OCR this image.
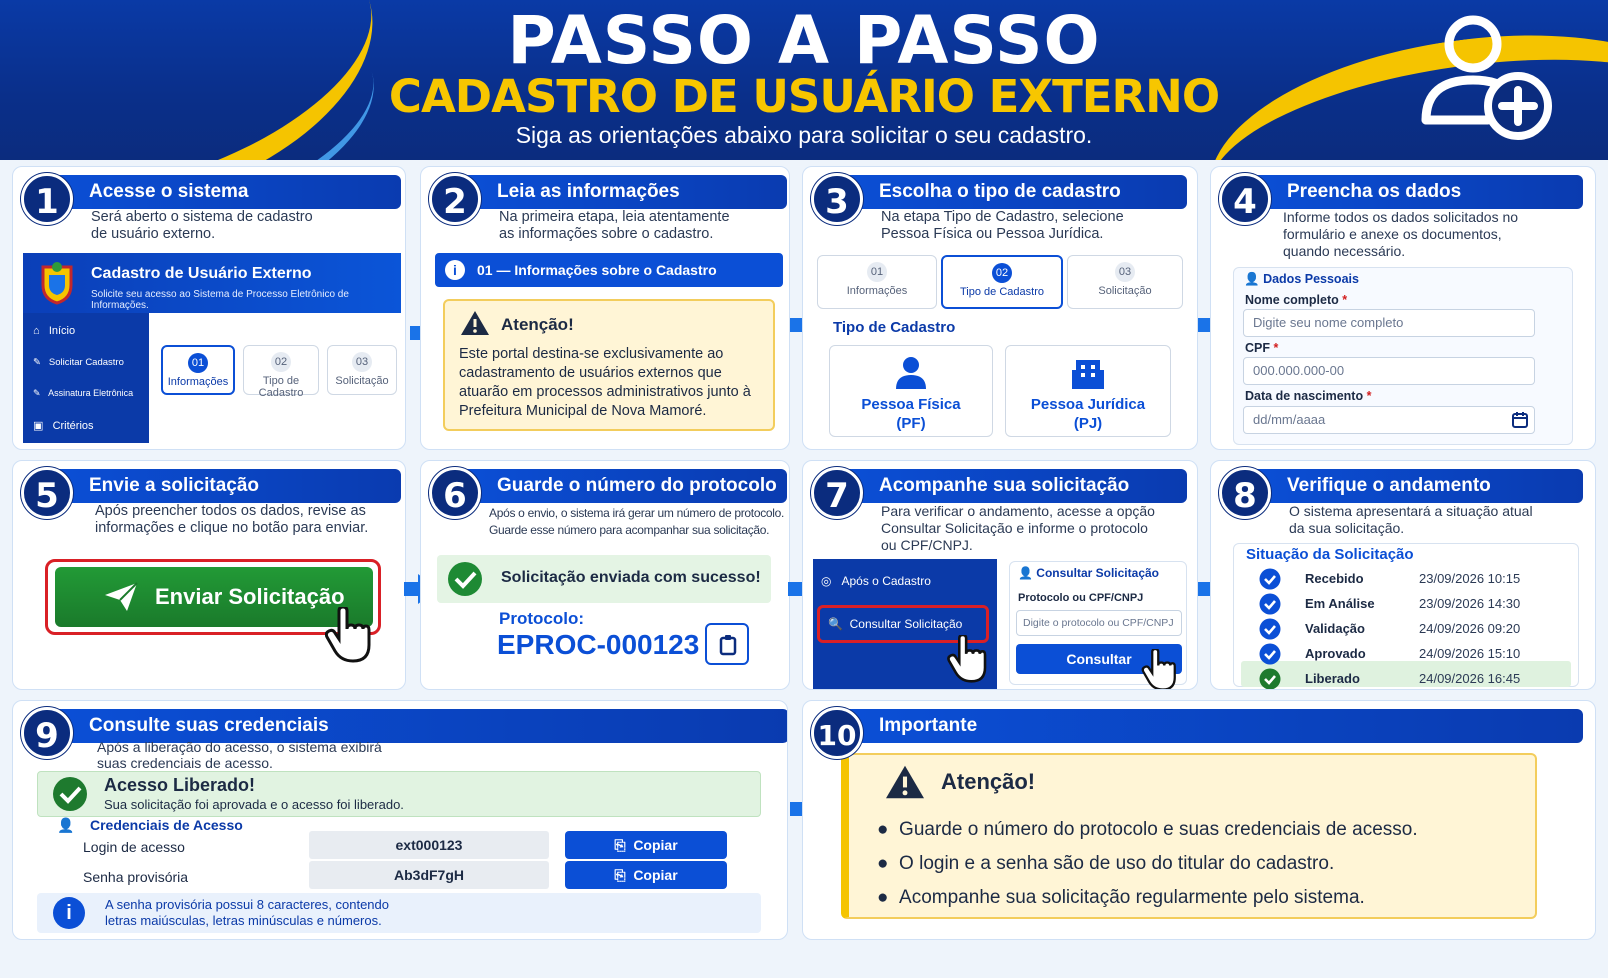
PASSO A PASSO
CADASTRO DE USUÁRIO EXTERNO

Siga as orientações abaixo para solicitar o seu cadastro.

Acesse o sistema
1	Será aberto o sistema de cadastro
de usuário externo.
Cadastro de Usuário Externo
Solicite seu acesso ao Sistema de Processo Eletrônico de Informações.
⌂ Início
✎ Solicitar Cadastro
✎ Assinatura Eletrônica
▣ Critérios
01
Informações
02
Tipo de Cadastro
03
Solicitação
Leia as informações
2	Na primeira etapa, leia atentamente
as informações sobre o cadastro.
i	01 — Informações sobre o Cadastro
Atenção!
Este portal destina-se exclusivamente ao
cadastramento de usuários externos que
atuarão em processos administrativos junto à
Prefeitura Municipal de Nova Mamoré.
Escolha o tipo de cadastro
3	Na etapa Tipo de Cadastro, selecione
Pessoa Física ou Pessoa Jurídica.
01
Informações
02
Tipo de Cadastro
03
Solicitação
Tipo de Cadastro
Pessoa Física
(PF)
Pessoa Jurídica
(PJ)
Preencha os dados
4	Informe todos os dados solicitados no
formulário e anexe os documentos,
quando necessário.
👤 Dados Pessoais
Nome completo *
Digite seu nome completo
CPF *
000.000.000-00
Data de nascimento *
dd/mm/aaaa
Envie a solicitação
5	Após preencher todos os dados, revise as
informações e clique no botão para enviar.
Enviar Solicitação
Guarde o número do protocolo
6	Após o envio, o sistema irá gerar um número de protocolo.
Guarde esse número para acompanhar sua solicitação.
Solicitação enviada com sucesso!
Protocolo:
EPROC-000123
Acompanhe sua solicitação
7	Para verificar o andamento, acesse a opção
Consultar Solicitação e informe o protocolo
ou CPF/CNPJ.
◎ Após o Cadastro
🔍 Consultar Solicitação
👤 Consultar Solicitação
Protocolo ou CPF/CNPJ
Digite o protocolo ou CPF/CNPJ
Consultar
Verifique o andamento
8	O sistema apresentará a situação atual
da sua solicitação.
Situação da Solicitação
Recebido	23/09/2026 10:15
Em Análise	23/09/2026 14:30
Validação	24/09/2026 09:20
Aprovado	24/09/2026 15:10
Liberado	24/09/2026 16:45
Consulte suas credenciais
9	Após a liberação do acesso, o sistema exibirá
suas credenciais de acesso.
Acesso Liberado!
Sua solicitação foi aprovada e o acesso foi liberado.
👤 Credenciais de Acesso
Login de acesso	ext000123	⎘ Copiar
Senha provisória	Ab3dF7gH	⎘ Copiar
i	A senha provisória possui 8 caracteres, contendo
letras maiúsculas, letras minúsculas e números.
Importante
10
Atenção!
●  Guarde o número do protocolo e suas credenciais de acesso.
●  O login e a senha são de uso do titular do cadastro.
●  Acompanhe sua solicitação regularmente pelo sistema.
